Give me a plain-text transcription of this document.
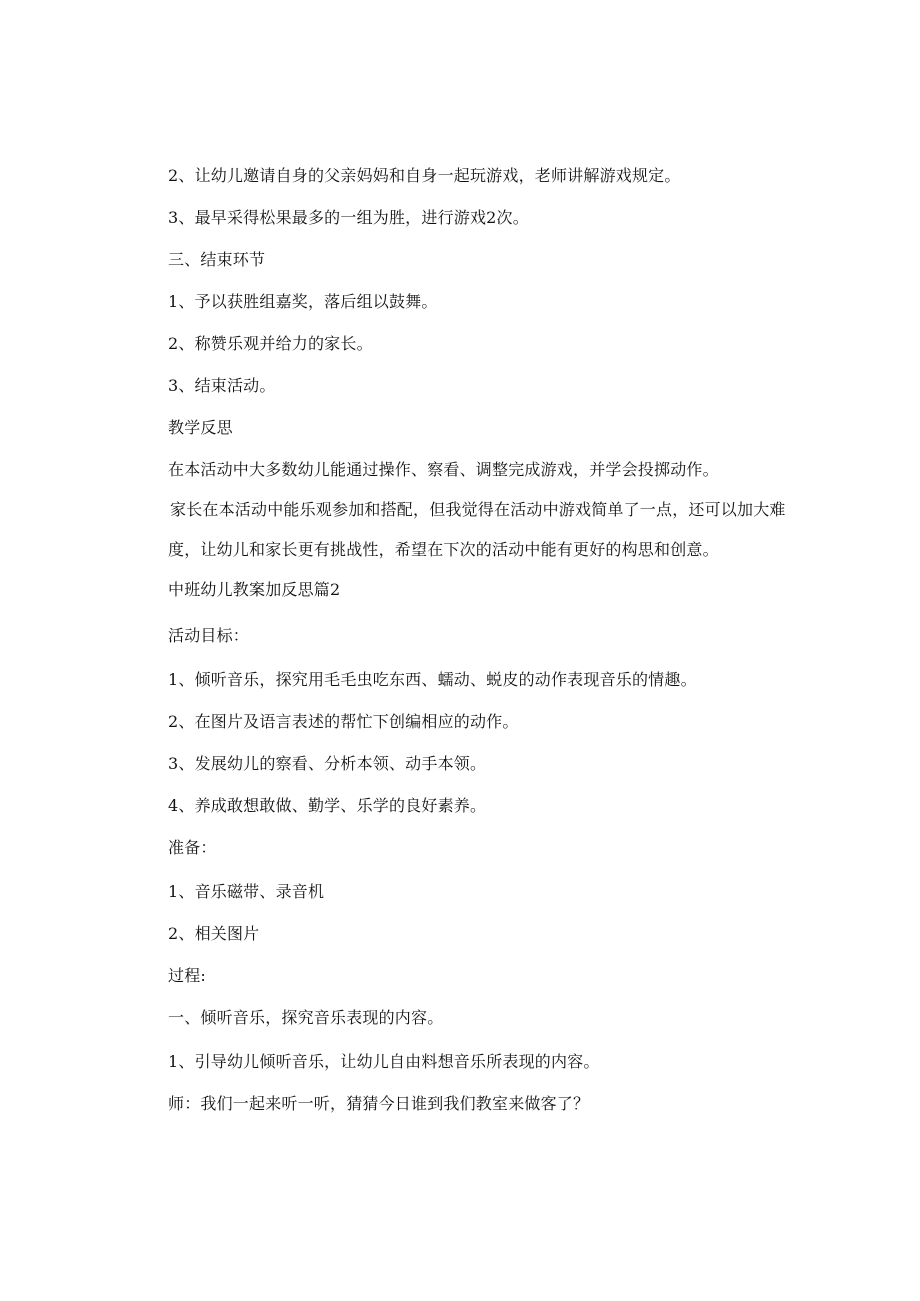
2、让幼儿邀请自身的父亲妈妈和自身一起玩游戏，老师讲解游戏规定。

3、最早采得松果最多的一组为胜，进行游戏2次。

三、结束环节

1、予以获胜组嘉奖，落后组以鼓舞。

2、称赞乐观并给力的家长。

3、结束活动。

教学反思

在本活动中大多数幼儿能通过操作、察看、调整完成游戏，并学会投掷动作。

家长在本活动中能乐观参加和搭配，但我觉得在活动中游戏简单了一点，还可以加大难度，让幼儿和家长更有挑战性，希望在下次的活动中能有更好的构思和创意。

中班幼儿教案加反思篇2

活动目标：

1、倾听音乐，探究用毛毛虫吃东西、蠕动、蜕皮的动作表现音乐的情趣。

2、在图片及语言表述的帮忙下创编相应的动作。

3、发展幼儿的察看、分析本领、动手本领。

4、养成敢想敢做、勤学、乐学的良好素养。

准备：

1、音乐磁带、录音机

2、相关图片

过程:

一、倾听音乐，探究音乐表现的内容。

1、引导幼儿倾听音乐，让幼儿自由料想音乐所表现的内容。

师：我们一起来听一听，猜猜今日谁到我们教室来做客了？
